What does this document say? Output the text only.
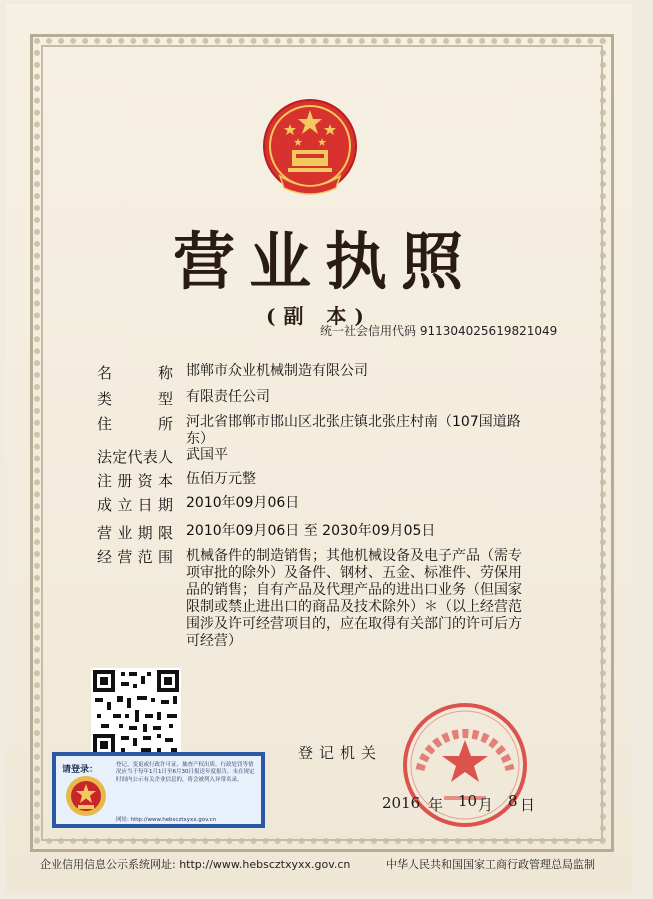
营业执照
(副 本)
统一社会信用代码 911304025619821049
名 称 邯郸市众业机械制造有限公司
类 型 有限责任公司
住 所 河北省邯郸市邯山区北张庄镇北张庄村南（107国道路东）
法定代表人 武国平
注册资本 伍佰万元整
成立日期 2010年09月06日
营业期限 2010年09月06日 至 2030年09月05日
经营范围 机械备件的制造销售；其他机械设备及电子产品（需专项审批的除外）及备件、钢材、五金、标准件、劳保用品的销售；自有产品及代理产品的进出口业务（但国家限制或禁止进出口的商品及技术除外）＊（以上经营范围涉及许可经营项目的，应在取得有关部门的许可后方可经营）
请登录：	登记、变更或行政许可证、抽查产权出质、行政处罚等情况应当于每年1月1日至6月30日报送年度报告，未在规定时间内公示有关企业信息的，将会被列入异常名录。
网址: http://www.hebscztxyxx.gov.cn
登记机关
2016 年 10 月 8 日
企业信用信息公示系统网址: http://www.hebscztxyxx.gov.cn	中华人民共和国国家工商行政管理总局监制
